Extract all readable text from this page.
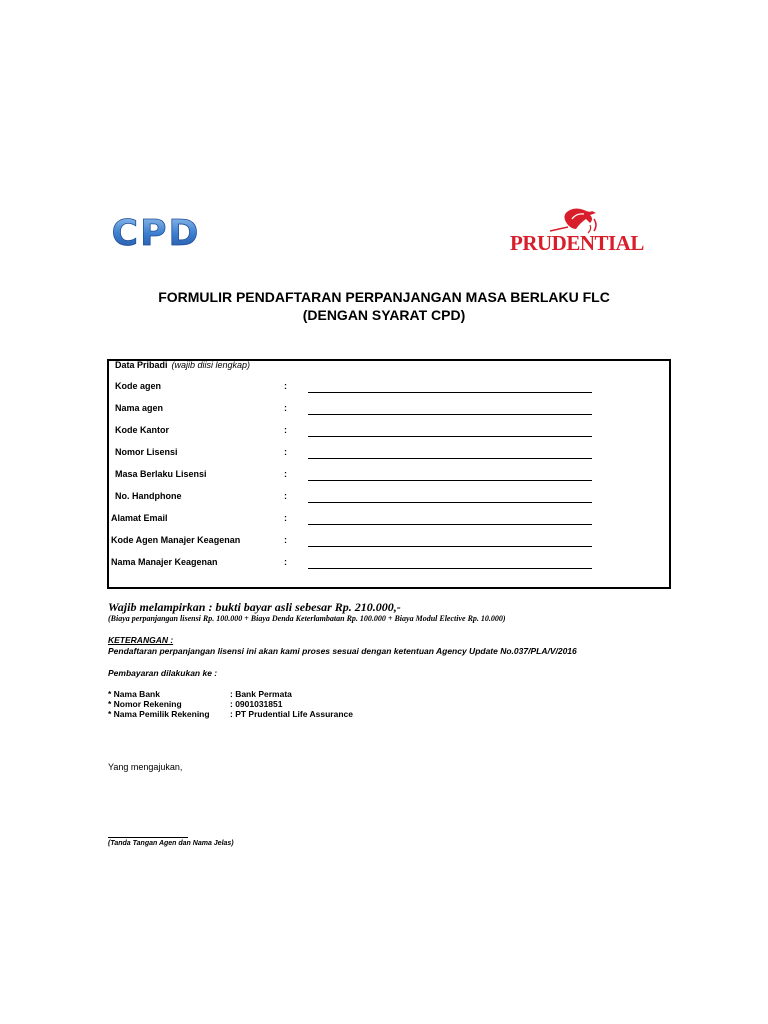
CPD	PRUDENTIAL
FORMULIR PENDAFTARAN PERPANJANGAN MASA BERLAKU FLC
(DENGAN SYARAT CPD)
Data Pribadi (wajib diisi lengkap)
Kode agen	:
Nama agen	:
Kode Kantor	:
Nomor Lisensi	:
Masa Berlaku Lisensi	:
No. Handphone	:
Alamat Email	:
Kode Agen Manajer Keagenan	:
Nama Manajer Keagenan	:
Wajib melampirkan : bukti bayar asli sebesar Rp. 210.000,-
(Biaya perpanjangan lisensi Rp. 100.000 + Biaya Denda Keterlambatan Rp. 100.000 + Biaya Modul Elective Rp. 10.000)
KETERANGAN :
Pendaftaran perpanjangan lisensi ini akan kami proses sesuai dengan ketentuan Agency Update No.037/PLA/V/2016
Pembayaran dilakukan ke :
* Nama Bank	: Bank Permata
* Nomor Rekening	: 0901031851
* Nama Pemilik Rekening : PT Prudential Life Assurance
Yang mengajukan,
(Tanda Tangan Agen dan Nama Jelas)
